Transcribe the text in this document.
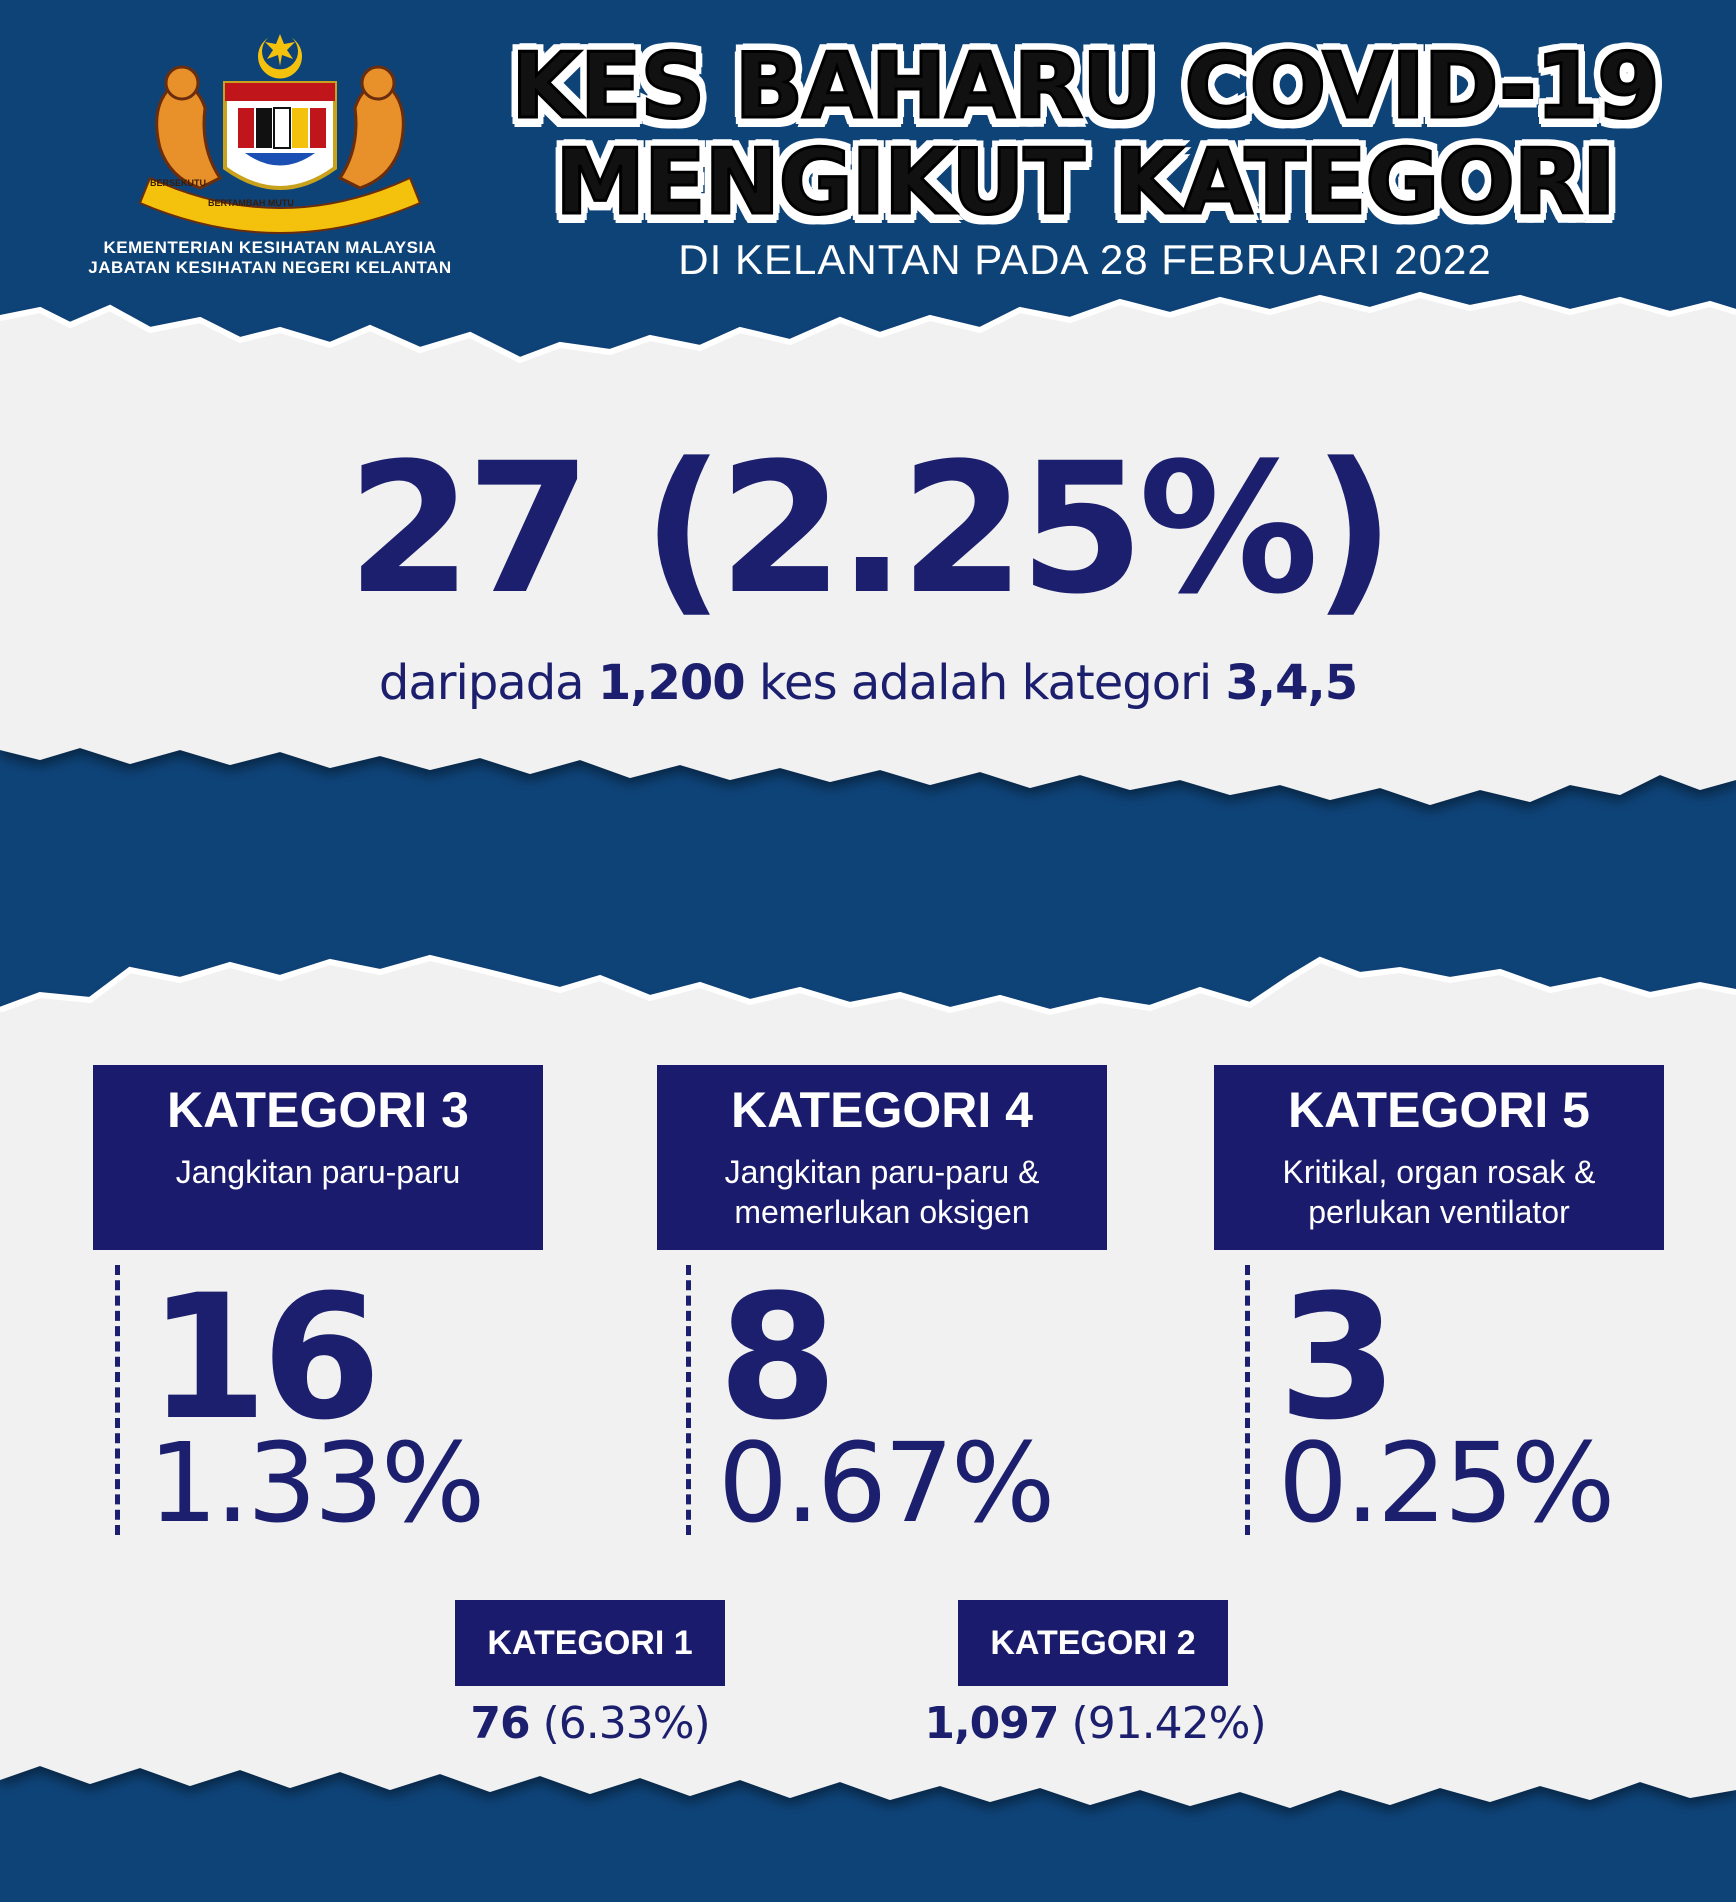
BERSEKUTU
BERTAMBAH MUTU
KEMENTERIAN KESIHATAN MALAYSIA
JABATAN KESIHATAN NEGERI KELANTAN
KES BAHARU COVID-19
MENGIKUT KATEGORI
DI KELANTAN PADA 28 FEBRUARI 2022
27 (2.25%)
daripada 1,200 kes adalah kategori 3,4,5
KATEGORI 3
Jangkitan paru-paru
16
1.33%
KATEGORI 4
Jangkitan paru-paru &
memerlukan oksigen
8
0.67%
KATEGORI 5
Kritikal, organ rosak &
perlukan ventilator
3
0.25%
KATEGORI 1
76 (6.33%)
KATEGORI 2
1,097 (91.42%)
